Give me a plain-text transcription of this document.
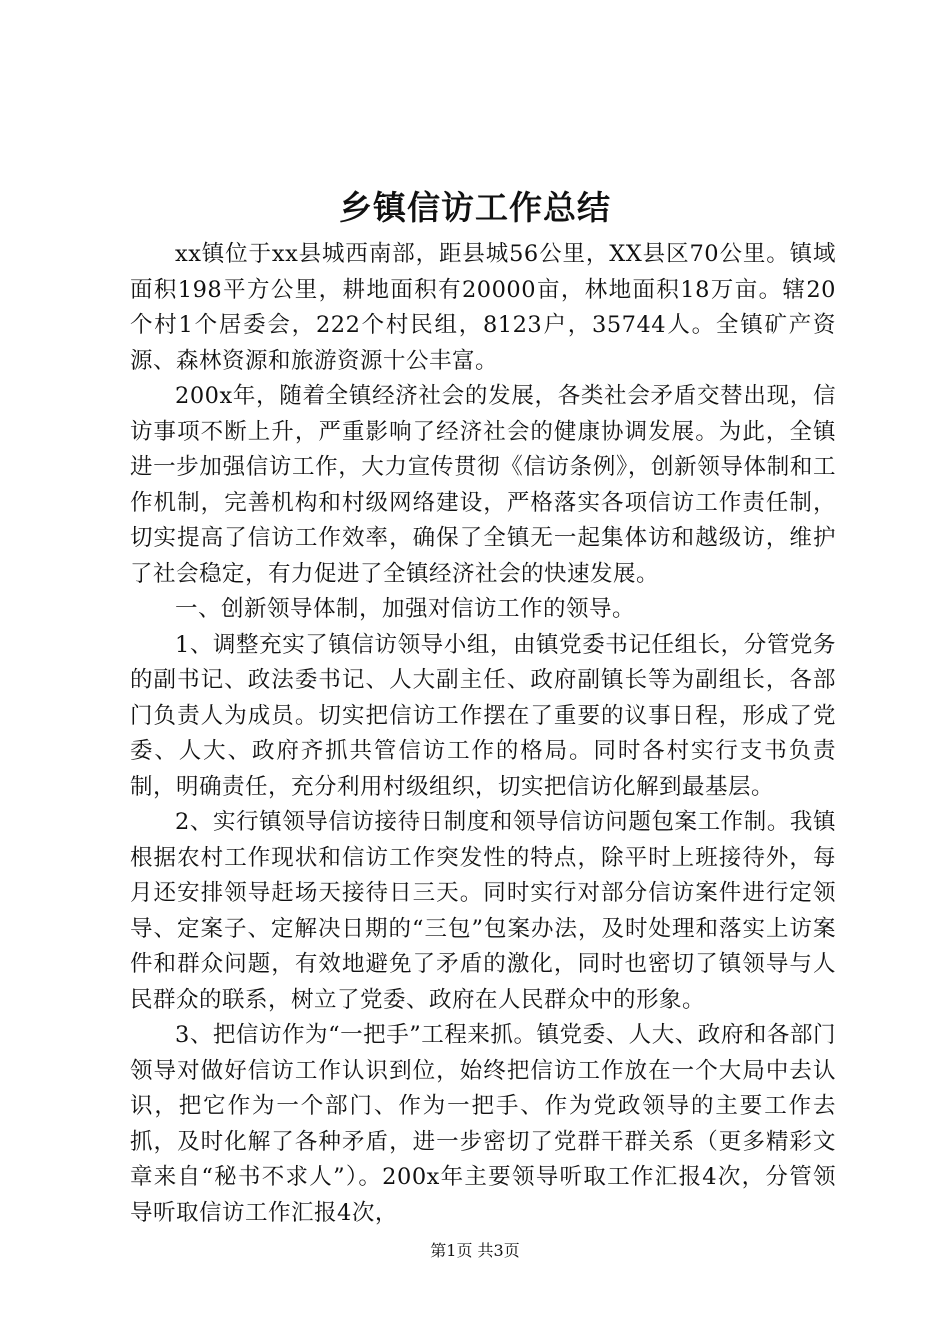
乡镇信访工作总结

xx镇位于xx县城西南部，距县城56公里，XX县区70公里。镇域面积198平方公里，耕地面积有20000亩，林地面积18万亩。辖20个村1个居委会，222个村民组，8123户，35744人。全镇矿产资源、森林资源和旅游资源十公丰富。

200x年，随着全镇经济社会的发展，各类社会矛盾交替出现，信访事项不断上升，严重影响了经济社会的健康协调发展。为此，全镇进一步加强信访工作，大力宣传贯彻《信访条例》，创新领导体制和工作机制，完善机构和村级网络建设，严格落实各项信访工作责任制，切实提高了信访工作效率，确保了全镇无一起集体访和越级访，维护了社会稳定，有力促进了全镇经济社会的快速发展。

一、创新领导体制，加强对信访工作的领导。

1、调整充实了镇信访领导小组，由镇党委书记任组长，分管党务的副书记、政法委书记、人大副主任、政府副镇长等为副组长，各部门负责人为成员。切实把信访工作摆在了重要的议事日程，形成了党委、人大、政府齐抓共管信访工作的格局。同时各村实行支书负责制，明确责任，充分利用村级组织，切实把信访化解到最基层。

2、实行镇领导信访接待日制度和领导信访问题包案工作制。我镇根据农村工作现状和信访工作突发性的特点，除平时上班接待外，每月还安排领导赶场天接待日三天。同时实行对部分信访案件进行定领导、定案子、定解决日期的“三包”包案办法，及时处理和落实上访案件和群众问题，有效地避免了矛盾的激化，同时也密切了镇领导与人民群众的联系，树立了党委、政府在人民群众中的形象。

3、把信访作为“一把手”工程来抓。镇党委、人大、政府和各部门领导对做好信访工作认识到位，始终把信访工作放在一个大局中去认识，把它作为一个部门、作为一把手、作为党政领导的主要工作去抓，及时化解了各种矛盾，进一步密切了党群干群关系（更多精彩文章来自“秘书不求人”）。200x年主要领导听取工作汇报4次，分管领导听取信访工作汇报4次，

第1页 共3页
